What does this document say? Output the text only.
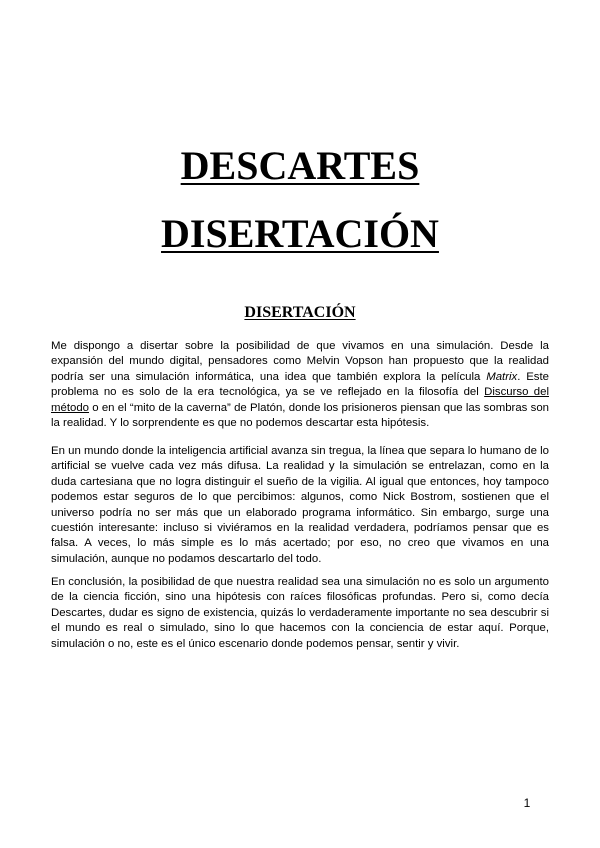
DESCARTES
DISERTACIÓN
DISERTACIÓN

Me dispongo a disertar sobre la posibilidad de que vivamos en una simulación. Desde la expansión del mundo digital, pensadores como Melvin Vopson han propuesto que la realidad podría ser una simulación informática, una idea que también explora la película Matrix. Este problema no es solo de la era tecnológica, ya se ve reflejado en la filosofía del Discurso del método o en el “mito de la caverna” de Platón, donde los prisioneros piensan que las sombras son la realidad. Y lo sorprendente es que no podemos descartar esta hipótesis.

En un mundo donde la inteligencia artificial avanza sin tregua, la línea que separa lo humano de lo artificial se vuelve cada vez más difusa. La realidad y la simulación se entrelazan, como en la duda cartesiana que no logra distinguir el sueño de la vigilia. Al igual que entonces, hoy tampoco podemos estar seguros de lo que percibimos: algunos, como Nick Bostrom, sostienen que el universo podría no ser más que un elaborado programa informático. Sin embargo, surge una cuestión interesante: incluso si viviéramos en la realidad verdadera, podríamos pensar que es falsa. A veces, lo más simple es lo más acertado; por eso, no creo que vivamos en una simulación, aunque no podamos descartarlo del todo.

En conclusión, la posibilidad de que nuestra realidad sea una simulación no es solo un argumento de la ciencia ficción, sino una hipótesis con raíces filosóficas profundas. Pero si, como decía Descartes, dudar es signo de existencia, quizás lo verdaderamente importante no sea descubrir si el mundo es real o simulado, sino lo que hacemos con la conciencia de estar aquí. Porque, simulación o no, este es el único escenario donde podemos pensar, sentir y vivir.

1
